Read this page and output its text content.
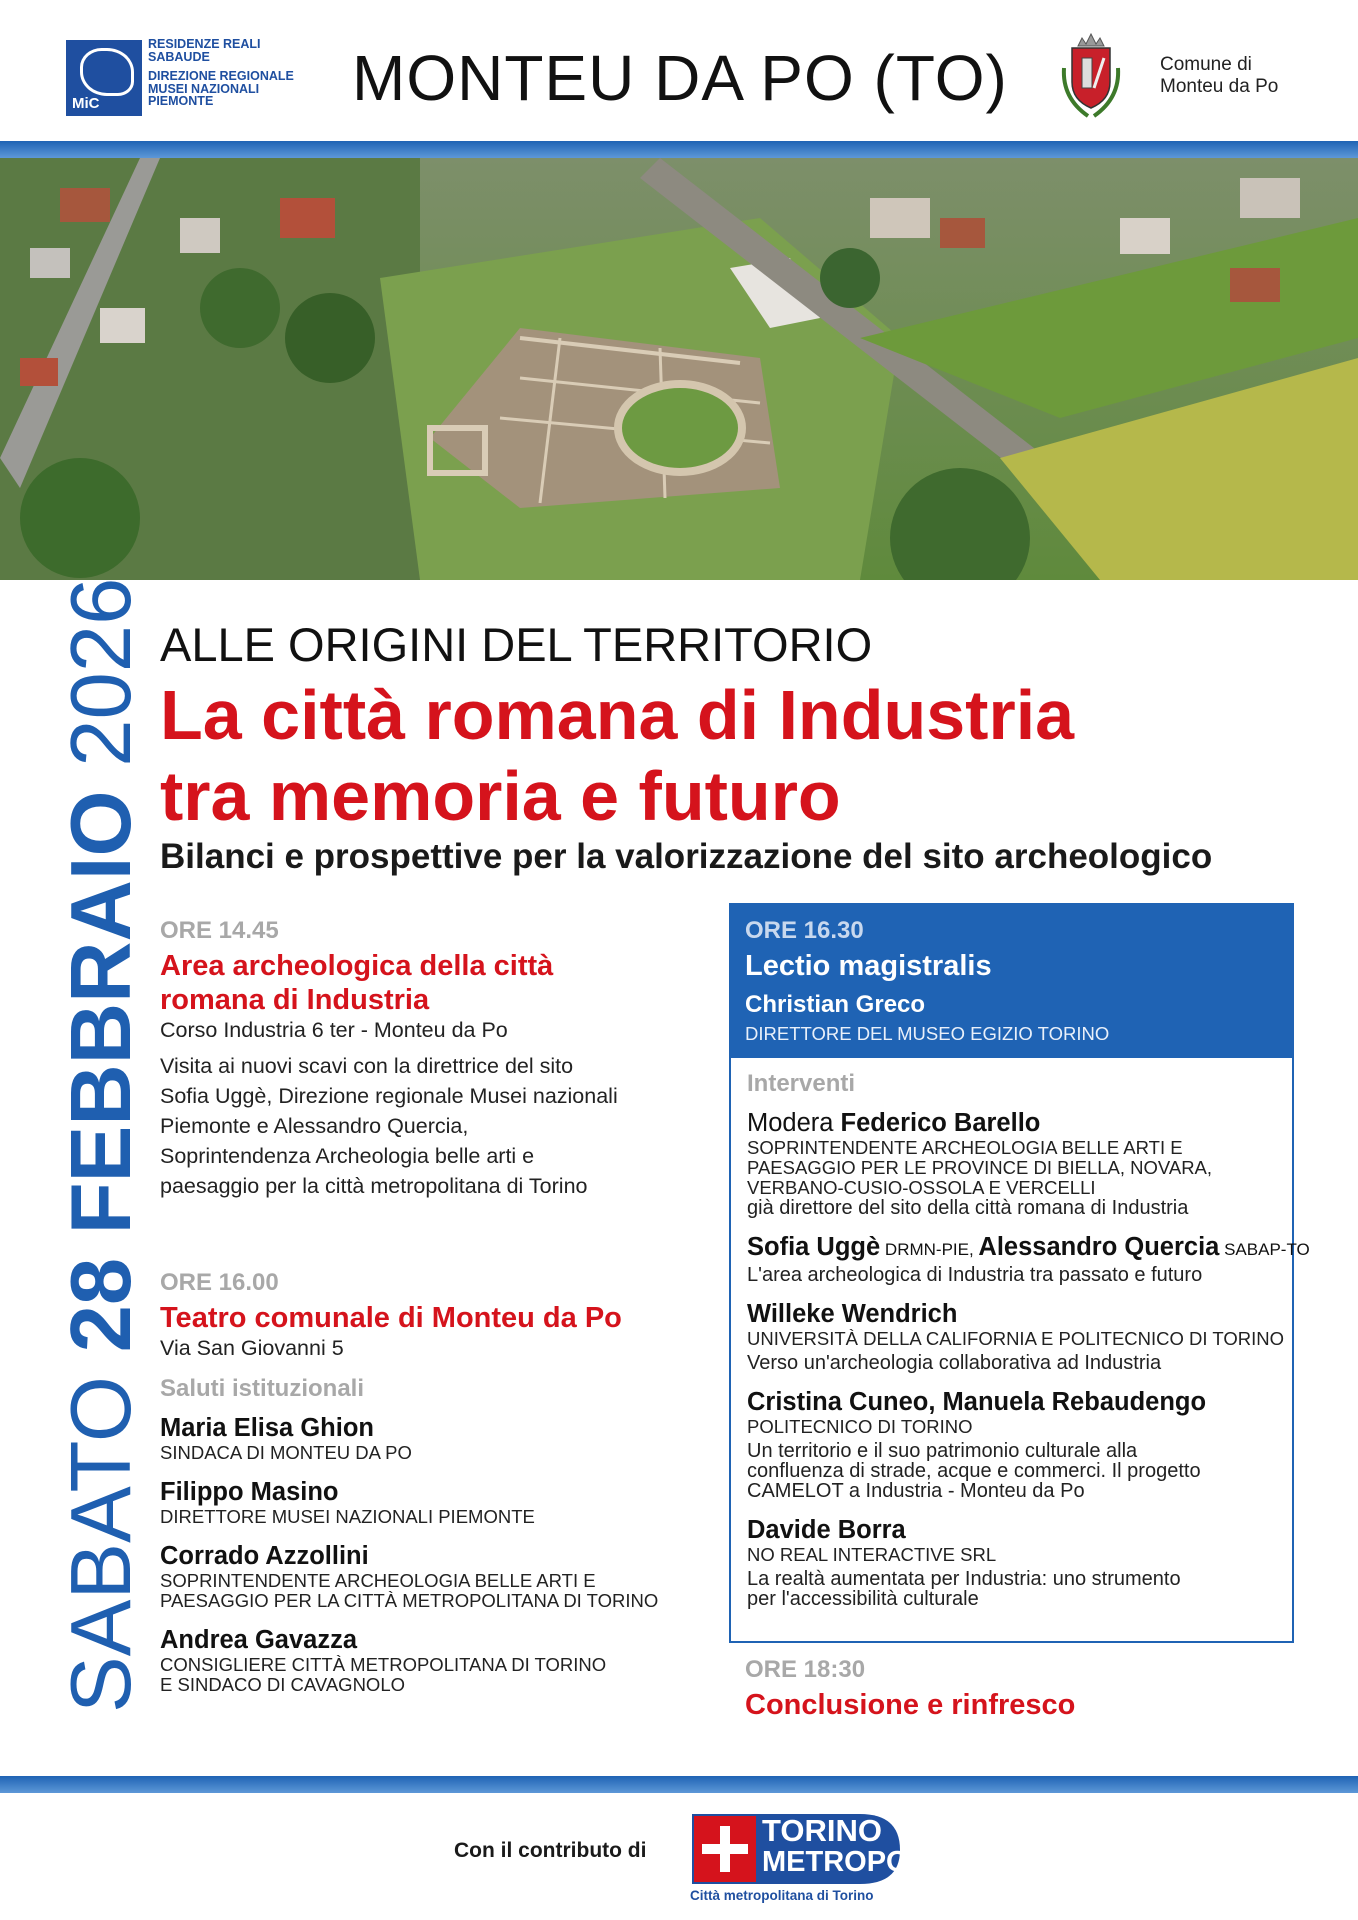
MiC
RESIDENZE REALI
SABAUDE
DIREZIONE REGIONALE
MUSEI NAZIONALI
PIEMONTE	MONTEU DA PO (TO)	Comune di
Monteu da Po
SABATO 28 FEBBRAIO 2026 ALLE ORIGINI DEL TERRITORIO
La città romana di Industria
tra memoria e futuro
Bilanci e prospettive per la valorizzazione del sito archeologico
ORE 14.45
Area archeologica della città
romana di Industria
Corso Industria 6 ter - Monteu da Po
Visita ai nuovi scavi con la direttrice del sito
Sofia Uggè, Direzione regionale Musei nazionali
Piemonte e Alessandro Quercia,
Soprintendenza Archeologia belle arti e
paesaggio per la città metropolitana di Torino
ORE 16.00
Teatro comunale di Monteu da Po
Via San Giovanni 5
Saluti istituzionali
Maria Elisa Ghion
SINDACA DI MONTEU DA PO
Filippo Masino
DIRETTORE MUSEI NAZIONALI PIEMONTE
Corrado Azzollini
SOPRINTENDENTE ARCHEOLOGIA BELLE ARTI E
PAESAGGIO PER LA CITTÀ METROPOLITANA DI TORINO
Andrea Gavazza
CONSIGLIERE CITTÀ METROPOLITANA DI TORINO
E SINDACO DI CAVAGNOLO
ORE 16.30
Lectio magistralis
Christian Greco
DIRETTORE DEL MUSEO EGIZIO TORINO
Interventi
Modera Federico Barello
SOPRINTENDENTE ARCHEOLOGIA BELLE ARTI E
PAESAGGIO PER LE PROVINCE DI BIELLA, NOVARA,
VERBANO-CUSIO-OSSOLA E VERCELLI
già direttore del sito della città romana di Industria
Sofia Uggè DRMN-PIE, Alessandro Quercia SABAP-TO
L'area archeologica di Industria tra passato e futuro
Willeke Wendrich
UNIVERSITÀ DELLA CALIFORNIA E POLITECNICO DI TORINO
Verso un'archeologia collaborativa ad Industria
Cristina Cuneo, Manuela Rebaudengo
POLITECNICO DI TORINO
Un territorio e il suo patrimonio culturale alla
confluenza di strade, acque e commerci. Il progetto
CAMELOT a Industria - Monteu da Po
Davide Borra
NO REAL INTERACTIVE SRL
La realtà aumentata per Industria: uno strumento
per l'accessibilità culturale
ORE 18:30
Conclusione e rinfresco
Con il contributo di
TORINO
METROPOLI
Città metropolitana di Torino
